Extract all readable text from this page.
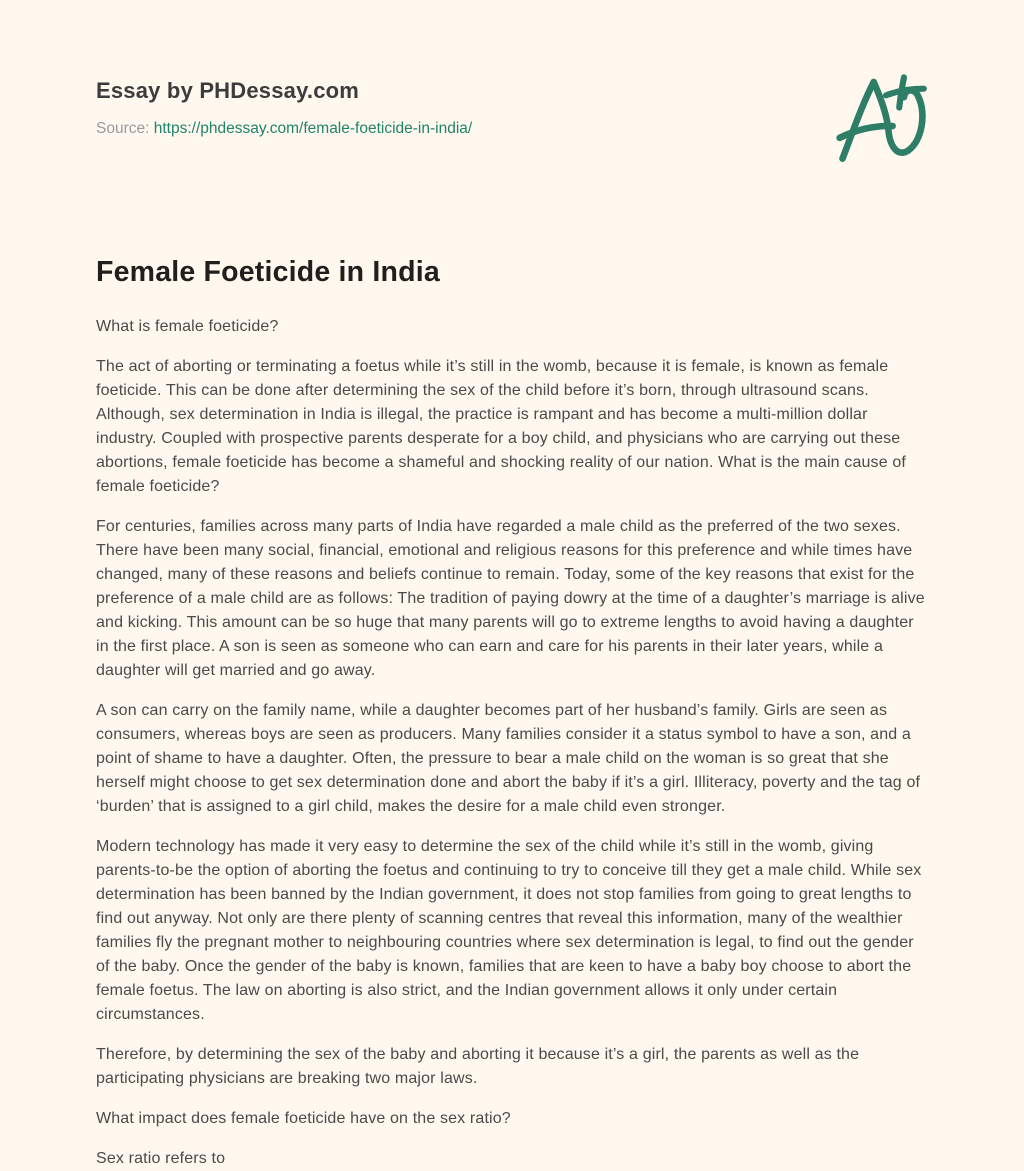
Essay by PHDessay.com
Source: https://phdessay.com/female-foeticide-in-india/
Female Foeticide in India

What is female foeticide?

The act of aborting or terminating a foetus while it’s still in the womb, because it is female, is known as female foeticide. This can be done after determining the sex of the child before it’s born, through ultrasound scans. Although, sex determination in India is illegal, the practice is rampant and has become a multi-million dollar industry. Coupled with prospective parents desperate for a boy child, and physicians who are carrying out these abortions, female foeticide has become a shameful and shocking reality of our nation. What is the main cause of female foeticide?

For centuries, families across many parts of India have regarded a male child as the preferred of the two sexes. There have been many social, financial, emotional and religious reasons for this preference and while times have changed, many of these reasons and beliefs continue to remain. Today, some of the key reasons that exist for the preference of a male child are as follows: The tradition of paying dowry at the time of a daughter’s marriage is alive and kicking. This amount can be so huge that many parents will go to extreme lengths to avoid having a daughter in the first place. A son is seen as someone who can earn and care for his parents in their later years, while a daughter will get married and go away.

A son can carry on the family name, while a daughter becomes part of her husband’s family. Girls are seen as consumers, whereas boys are seen as producers. Many families consider it a status symbol to have a son, and a point of shame to have a daughter. Often, the pressure to bear a male child on the woman is so great that she herself might choose to get sex determination done and abort the baby if it’s a girl. Illiteracy, poverty and the tag of ‘burden’ that is assigned to a girl child, makes the desire for a male child even stronger.

Modern technology has made it very easy to determine the sex of the child while it’s still in the womb, giving parents-to-be the option of aborting the foetus and continuing to try to conceive till they get a male child. While sex determination has been banned by the Indian government, it does not stop families from going to great lengths to find out anyway. Not only are there plenty of scanning centres that reveal this information, many of the wealthier families fly the pregnant mother to neighbouring countries where sex determination is legal, to find out the gender of the baby. Once the gender of the baby is known, families that are keen to have a baby boy choose to abort the female foetus. The law on aborting is also strict, and the Indian government allows it only under certain circumstances.

Therefore, by determining the sex of the baby and aborting it because it’s a girl, the parents as well as the participating physicians are breaking two major laws.

What impact does female foeticide have on the sex ratio?

Sex ratio refers to
